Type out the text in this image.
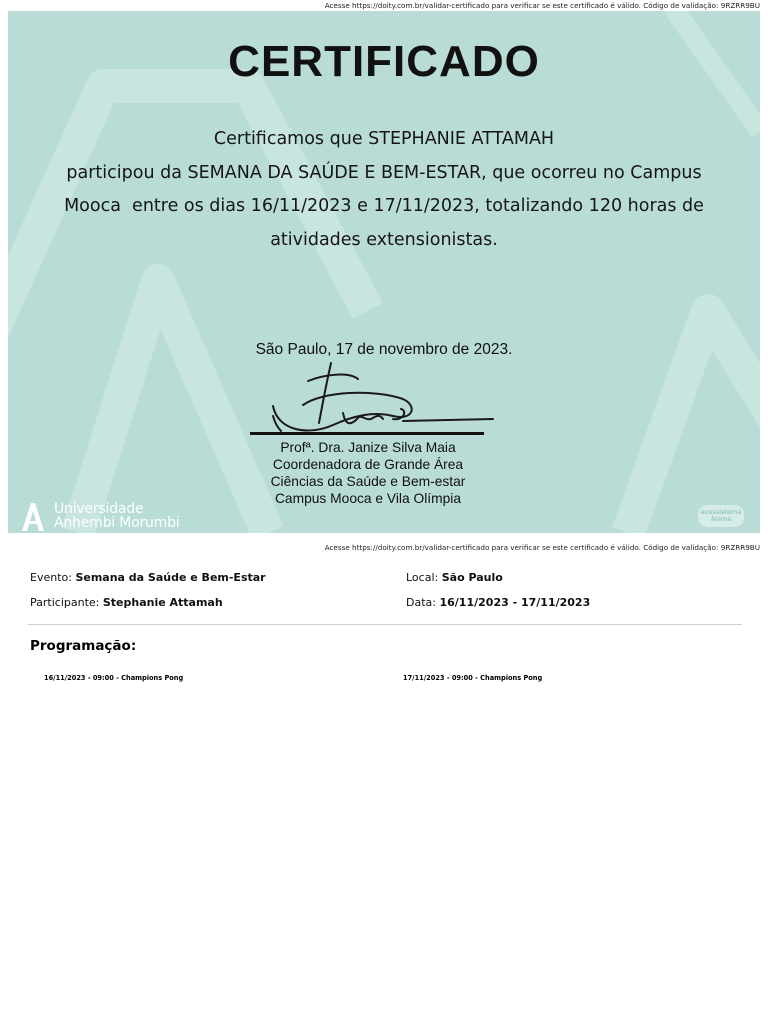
Acesse https://doity.com.br/validar-certificado para verificar se este certificado é válido. Código de validação: 9RZRR9BU
CERTIFICADO
Certificamos que STEPHANIE ATTAMAH
participou da SEMANA DA SAÚDE E BEM-ESTAR, que ocorreu no Campus
Mooca  entre os dias 16/11/2023 e 17/11/2023, totalizando 120 horas de
atividades extensionistas.
São Paulo, 17 de novembro de 2023.
Profª. Dra. Janize Silva Maia
Coordenadora de Grande Área
Ciências da Saúde e Bem-estar
Campus Mooca e Vila Olímpia
Universidade
Anhembi Morumbi
ecossistema
ânima
Acesse https://doity.com.br/validar-certificado para verificar se este certificado é válido. Código de validação: 9RZRR9BU
Evento: Semana da Saúde e Bem-Estar
Participante: Stephanie Attamah
Local: São Paulo
Data: 16/11/2023 - 17/11/2023
Programação:
16/11/2023 - 09:00 - Champions Pong	17/11/2023 - 09:00 - Champions Pong
